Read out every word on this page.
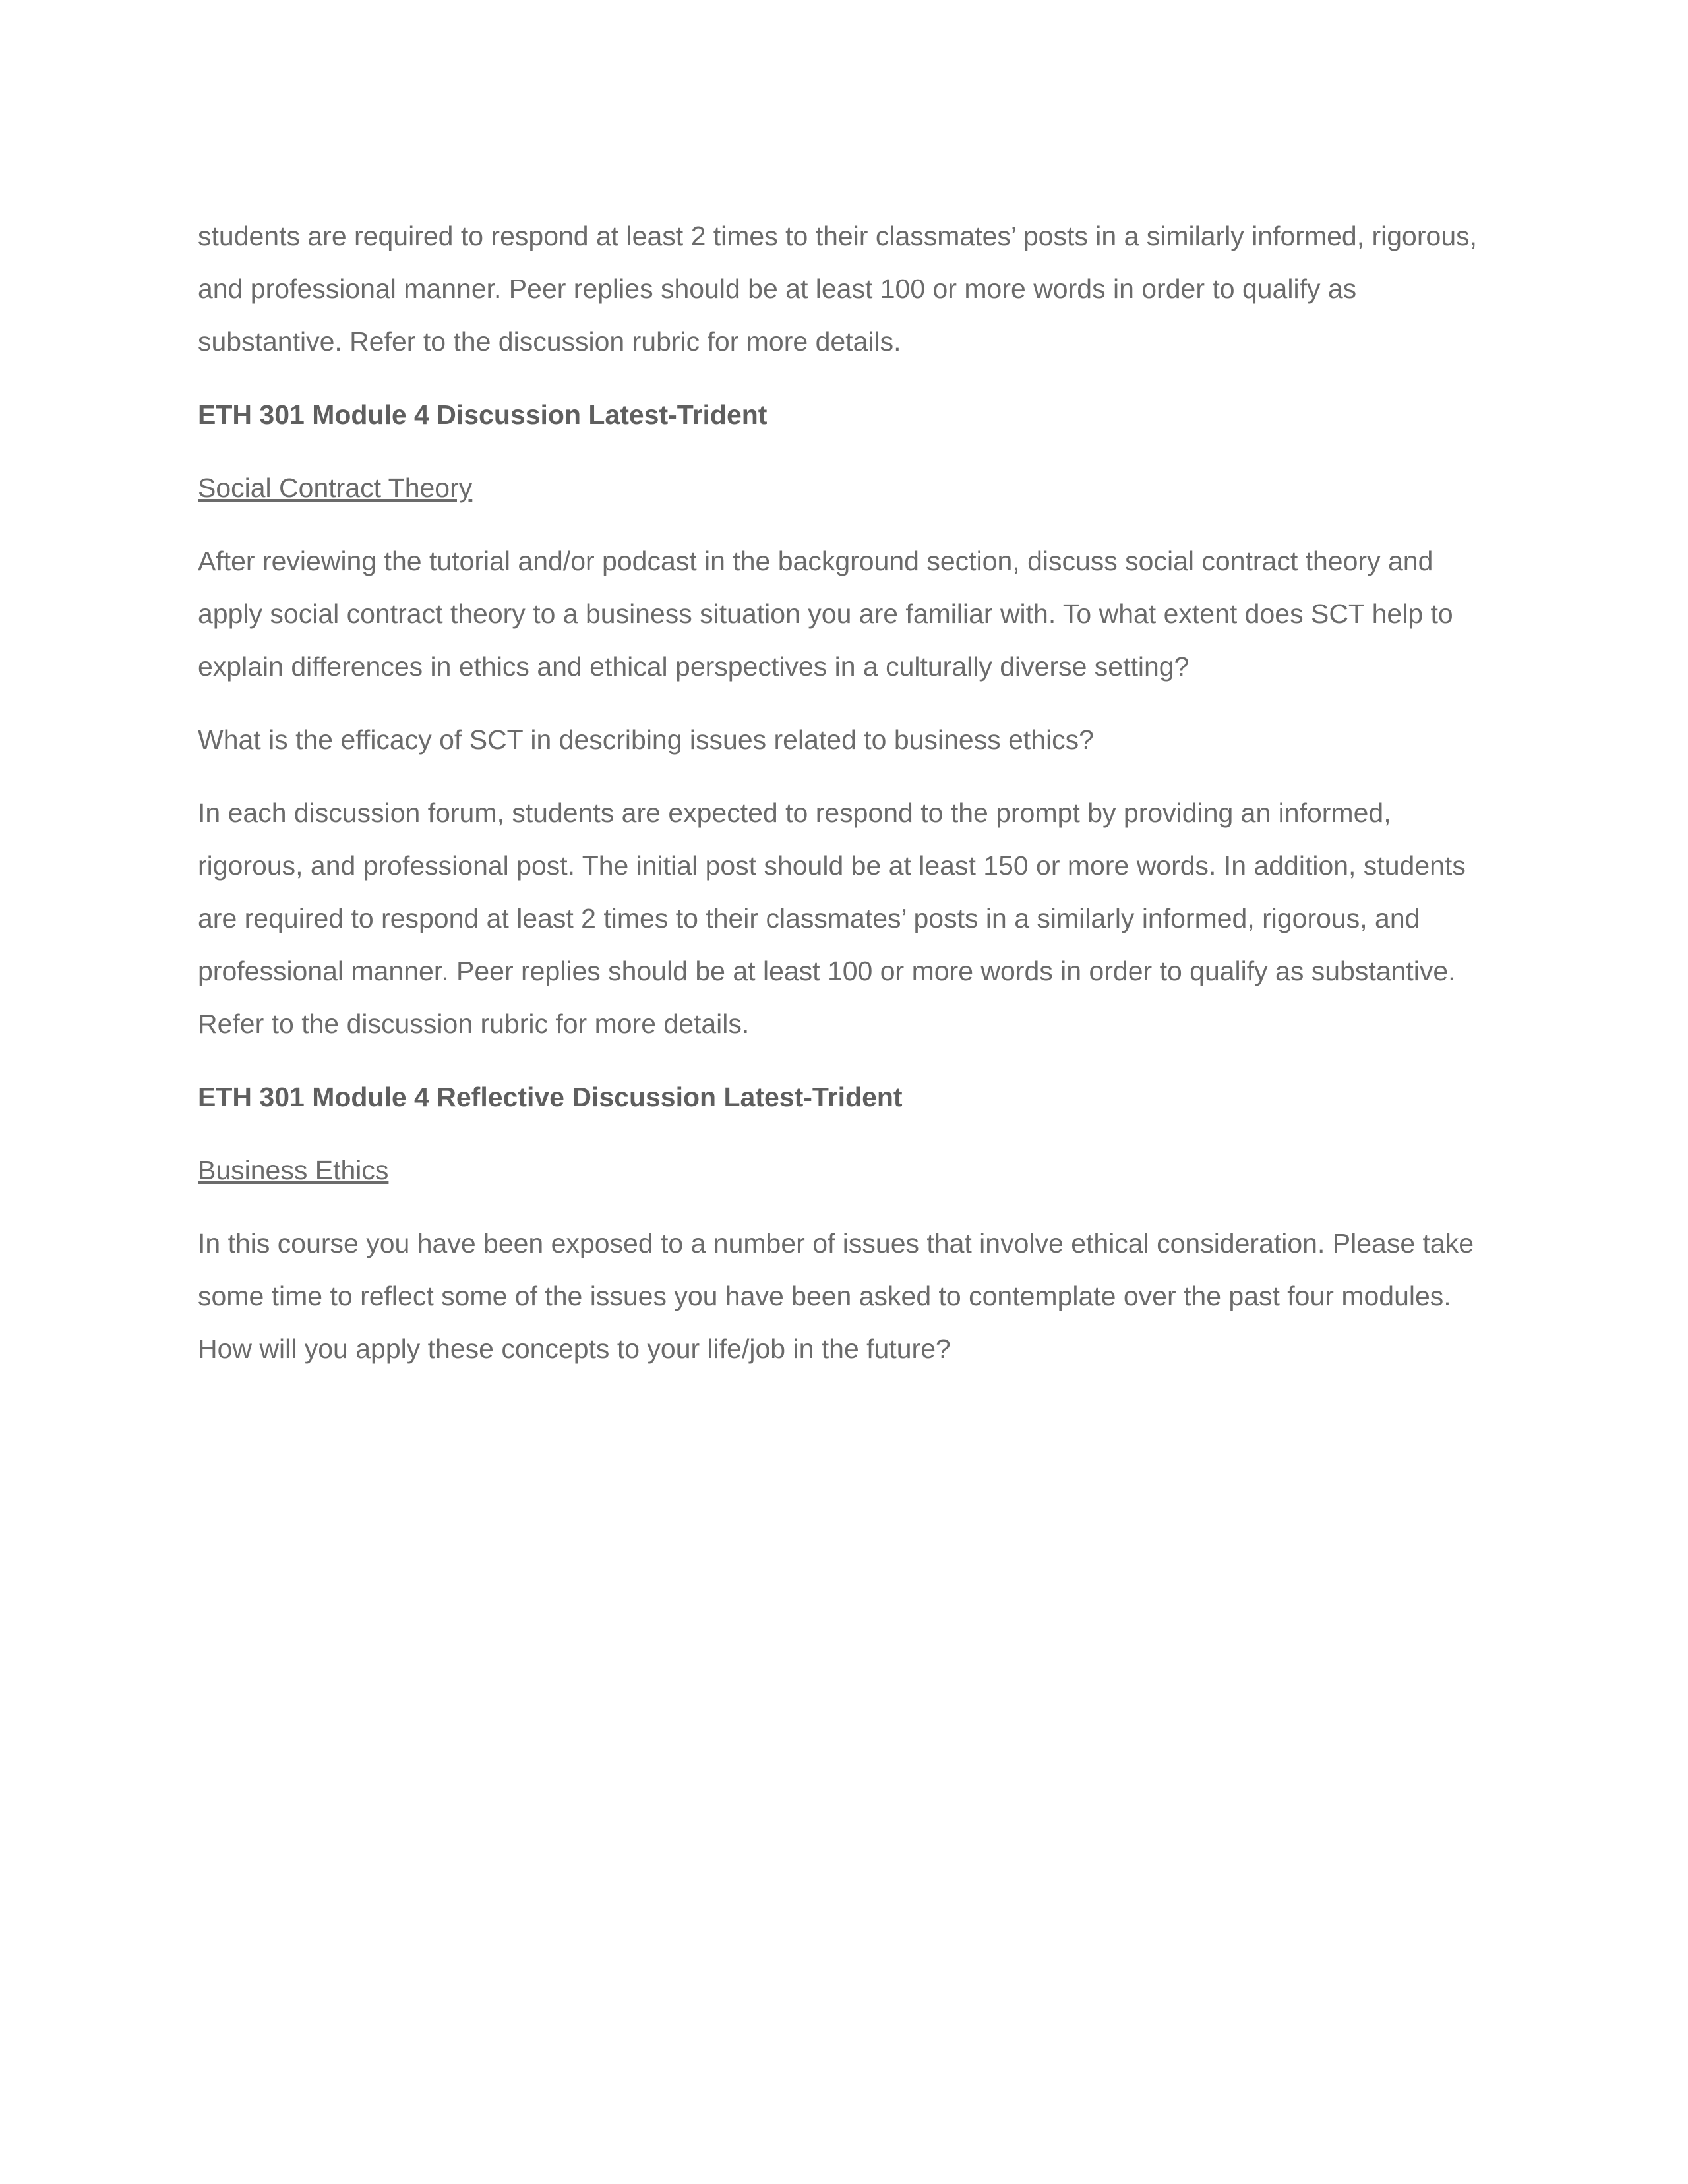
students are required to respond at least 2 times to their classmates’ posts in a similarly informed, rigorous, and professional manner. Peer replies should be at least 100 or more words in order to qualify as substantive. Refer to the discussion rubric for more details.

ETH 301 Module 4 Discussion Latest-Trident

Social Contract Theory

After reviewing the tutorial and/or podcast in the background section, discuss social contract theory and apply social contract theory to a business situation you are familiar with. To what extent does SCT help to explain differences in ethics and ethical perspectives in a culturally diverse setting?

What is the efficacy of SCT in describing issues related to business ethics?

In each discussion forum, students are expected to respond to the prompt by providing an informed, rigorous, and professional post. The initial post should be at least 150 or more words. In addition, students are required to respond at least 2 times to their classmates’ posts in a similarly informed, rigorous, and professional manner. Peer replies should be at least 100 or more words in order to qualify as substantive. Refer to the discussion rubric for more details.

ETH 301 Module 4 Reflective Discussion Latest-Trident

Business Ethics

In this course you have been exposed to a number of issues that involve ethical consideration. Please take some time to reflect some of the issues you have been asked to contemplate over the past four modules. How will you apply these concepts to your life/job in the future?
